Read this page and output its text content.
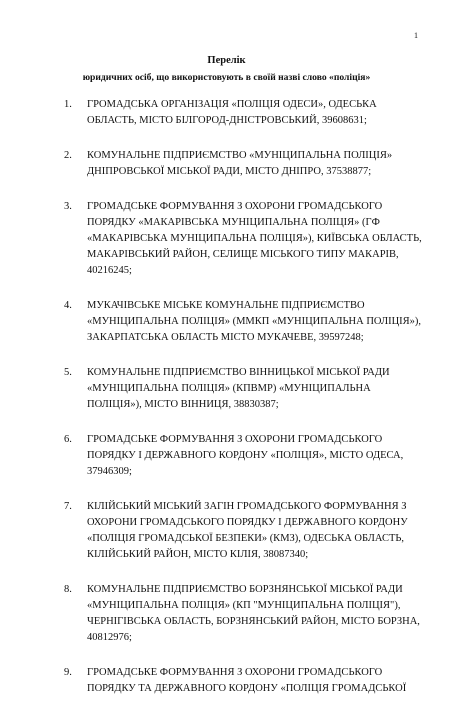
1
Перелік
юридичних осіб, що використовують в своїй назві слово «поліція»
1. ГРОМАДСЬКА ОРГАНІЗАЦІЯ «ПОЛІЦІЯ ОДЕСИ», ОДЕСЬКА ОБЛАСТЬ, МІСТО БІЛГОРОД-ДНІСТРОВСЬКИЙ, 39608631;
2. КОМУНАЛЬНЕ ПІДПРИЄМСТВО «МУНІЦИПАЛЬНА ПОЛІЦІЯ» ДНІПРОВСЬКОЇ МІСЬКОЇ РАДИ, МІСТО ДНІПРО, 37538877;
3. ГРОМАДСЬКЕ ФОРМУВАННЯ З ОХОРОНИ ГРОМАДСЬКОГО ПОРЯДКУ «МАКАРІВСЬКА МУНІЦИПАЛЬНА ПОЛІЦІЯ» (ГФ «МАКАРІВСЬКА МУНІЦИПАЛЬНА ПОЛІЦІЯ»), КИЇВСЬКА ОБЛАСТЬ, МАКАРІВСЬКИЙ РАЙОН, СЕЛИЩЕ МІСЬКОГО ТИПУ МАКАРІВ, 40216245;
4. МУКАЧІВСЬКЕ МІСЬКЕ КОМУНАЛЬНЕ ПІДПРИЄМСТВО «МУНІЦИПАЛЬНА ПОЛІЦІЯ» (ММКП «МУНІЦИПАЛЬНА ПОЛІЦІЯ»), ЗАКАРПАТСЬКА ОБЛАСТЬ МІСТО МУКАЧЕВЕ, 39597248;
5. КОМУНАЛЬНЕ ПІДПРИЄМСТВО ВІННИЦЬКОЇ МІСЬКОЇ РАДИ «МУНІЦИПАЛЬНА ПОЛІЦІЯ» (КПВМР) «МУНІЦИПАЛЬНА ПОЛІЦІЯ»), МІСТО ВІННИЦЯ, 38830387;
6. ГРОМАДСЬКЕ ФОРМУВАННЯ З ОХОРОНИ ГРОМАДСЬКОГО ПОРЯДКУ І ДЕРЖАВНОГО КОРДОНУ «ПОЛІЦІЯ», МІСТО ОДЕСА, 37946309;
7. КІЛІЙСЬКИЙ МІСЬКИЙ ЗАГІН ГРОМАДСЬКОГО ФОРМУВАННЯ З ОХОРОНИ ГРОМАДСЬКОГО ПОРЯДКУ І ДЕРЖАВНОГО КОРДОНУ «ПОЛІЦІЯ ГРОМАДСЬКОЇ БЕЗПЕКИ» (КМЗ), ОДЕСЬКА ОБЛАСТЬ, КІЛІЙСЬКИЙ РАЙОН, МІСТО КІЛІЯ, 38087340;
8. КОМУНАЛЬНЕ ПІДПРИЄМСТВО БОРЗНЯНСЬКОЇ МІСЬКОЇ РАДИ «МУНІЦИПАЛЬНА ПОЛІЦІЯ» (КП "МУНІЦИПАЛЬНА ПОЛІЦІЯ"), ЧЕРНІГІВСЬКА ОБЛАСТЬ, БОРЗНЯНСЬКИЙ РАЙОН, МІСТО БОРЗНА, 40812976;
9. ГРОМАДСЬКЕ ФОРМУВАННЯ З ОХОРОНИ ГРОМАДСЬКОГО ПОРЯДКУ ТА ДЕРЖАВНОГО КОРДОНУ «ПОЛІЦІЯ ГРОМАДСЬКОЇ
